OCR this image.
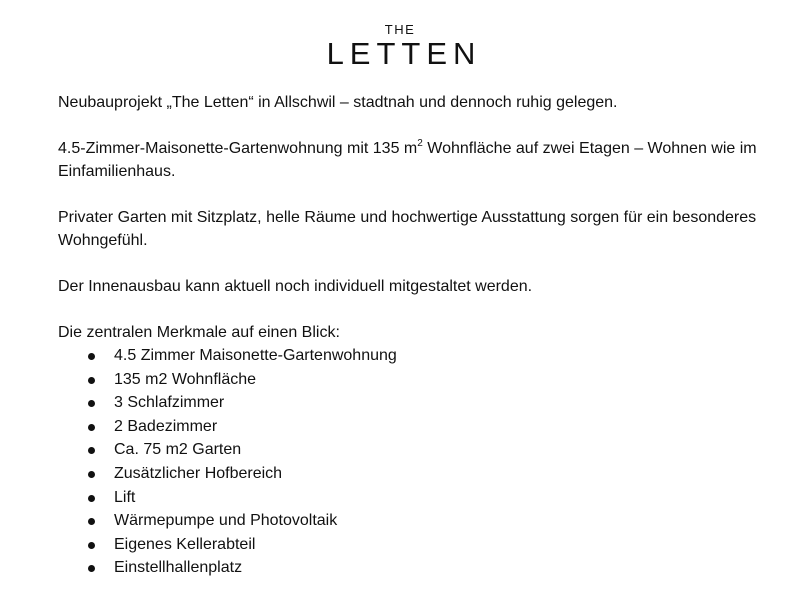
THE
LETTEN

Neubauprojekt „The Letten“ in Allschwil – stadtnah und dennoch ruhig gelegen.

4.5-Zimmer-Maisonette-Gartenwohnung mit 135 $m^2$ Wohnfläche auf zwei Etagen – Wohnen wie im Einfamilienhaus.

Privater Garten mit Sitzplatz, helle Räume und hochwertige Ausstattung sorgen für ein besonderes Wohngefühl.

Der Innenausbau kann aktuell noch individuell mitgestaltet werden.

Die zentralen Merkmale auf einen Blick:

4.5 Zimmer Maisonette-Gartenwohnung
135 m2 Wohnfläche
3 Schlafzimmer
2 Badezimmer
Ca. 75 m2 Garten
Zusätzlicher Hofbereich
Lift
Wärmepumpe und Photovoltaik
Eigenes Kellerabteil
Einstellhallenplatz
